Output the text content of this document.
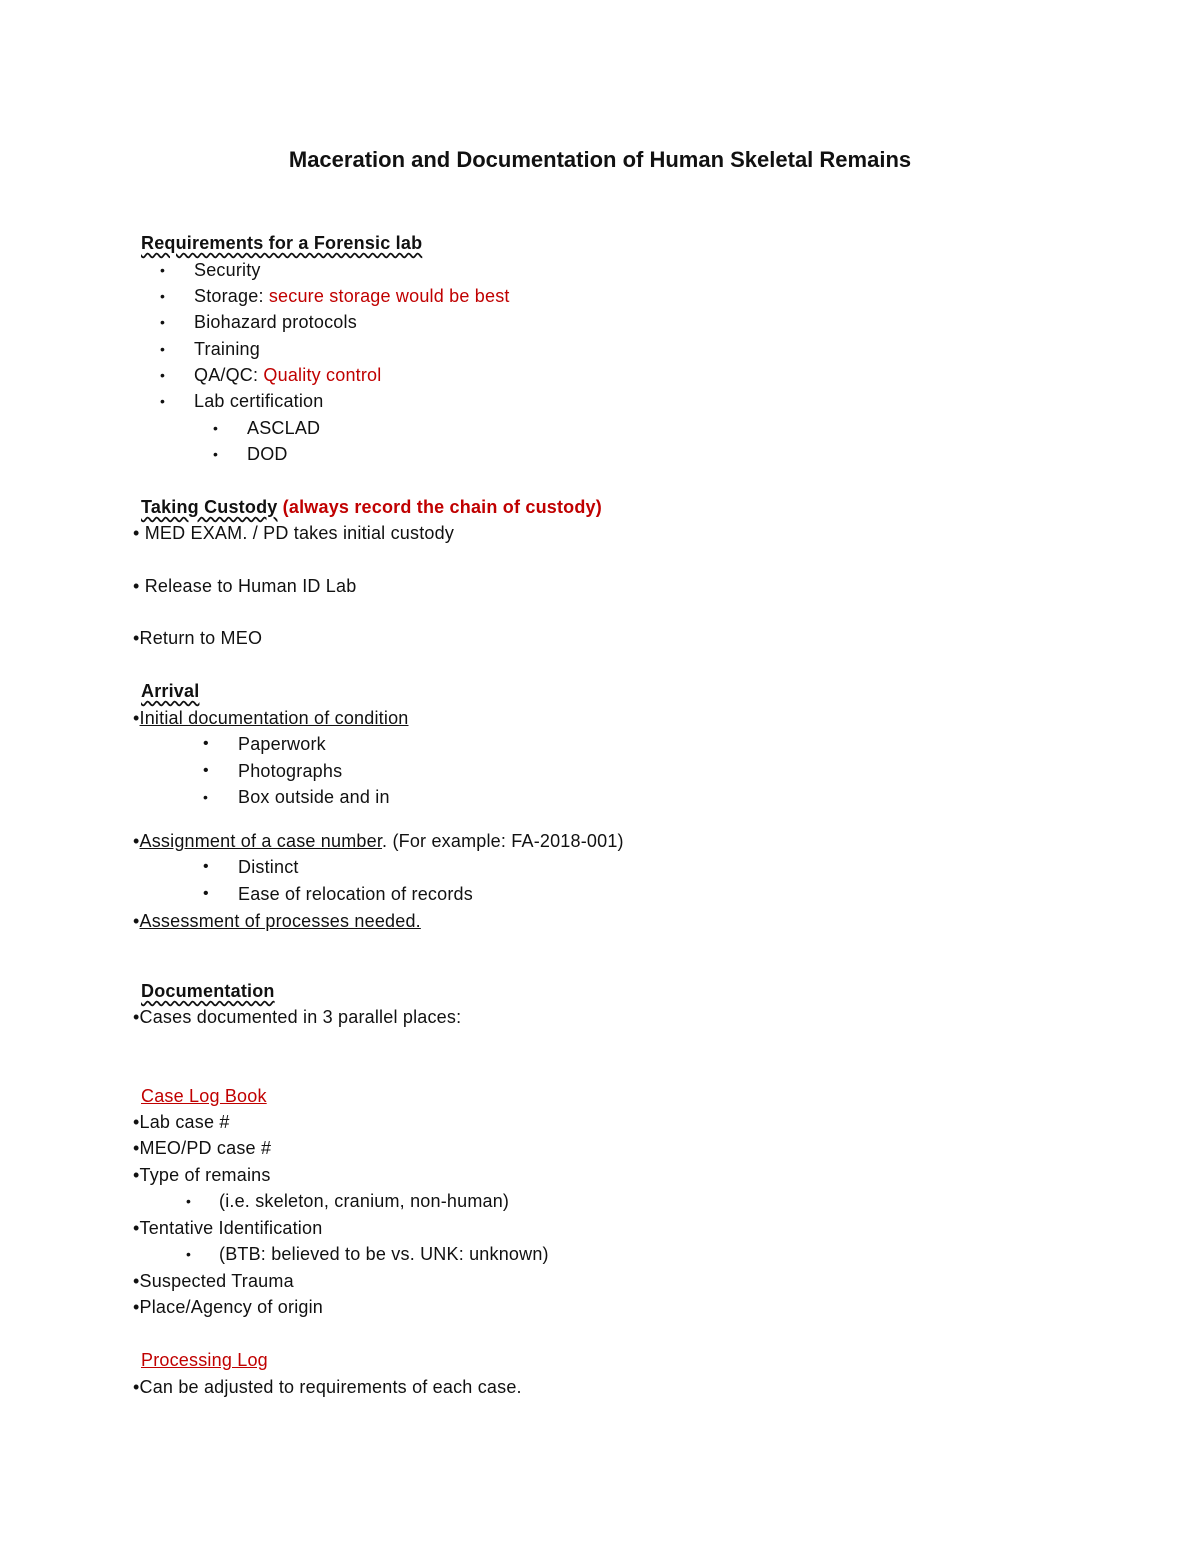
Maceration and Documentation of Human Skeletal Remains
Requirements for a Forensic lab
• Security
• Storage: secure storage would be best
• Biohazard protocols
• Training
• QA/QC: Quality control
• Lab certification
• ASCLAD
• DOD
Taking Custody (always record the chain of custody)
• MED EXAM. / PD takes initial custody
• Release to Human ID Lab
•Return to MEO
Arrival
•Initial documentation of condition
• Paperwork
• Photographs
• Box outside and in
•Assignment of a case number. (For example: FA-2018-001)
• Distinct
• Ease of relocation of records
•Assessment of processes needed.
Documentation
•Cases documented in 3 parallel places:
Case Log Book
•Lab case #
•MEO/PD case #
•Type of remains
• (i.e. skeleton, cranium, non-human)
•Tentative Identification
• (BTB: believed to be vs. UNK: unknown)
•Suspected Trauma
•Place/Agency of origin
Processing Log
•Can be adjusted to requirements of each case.
